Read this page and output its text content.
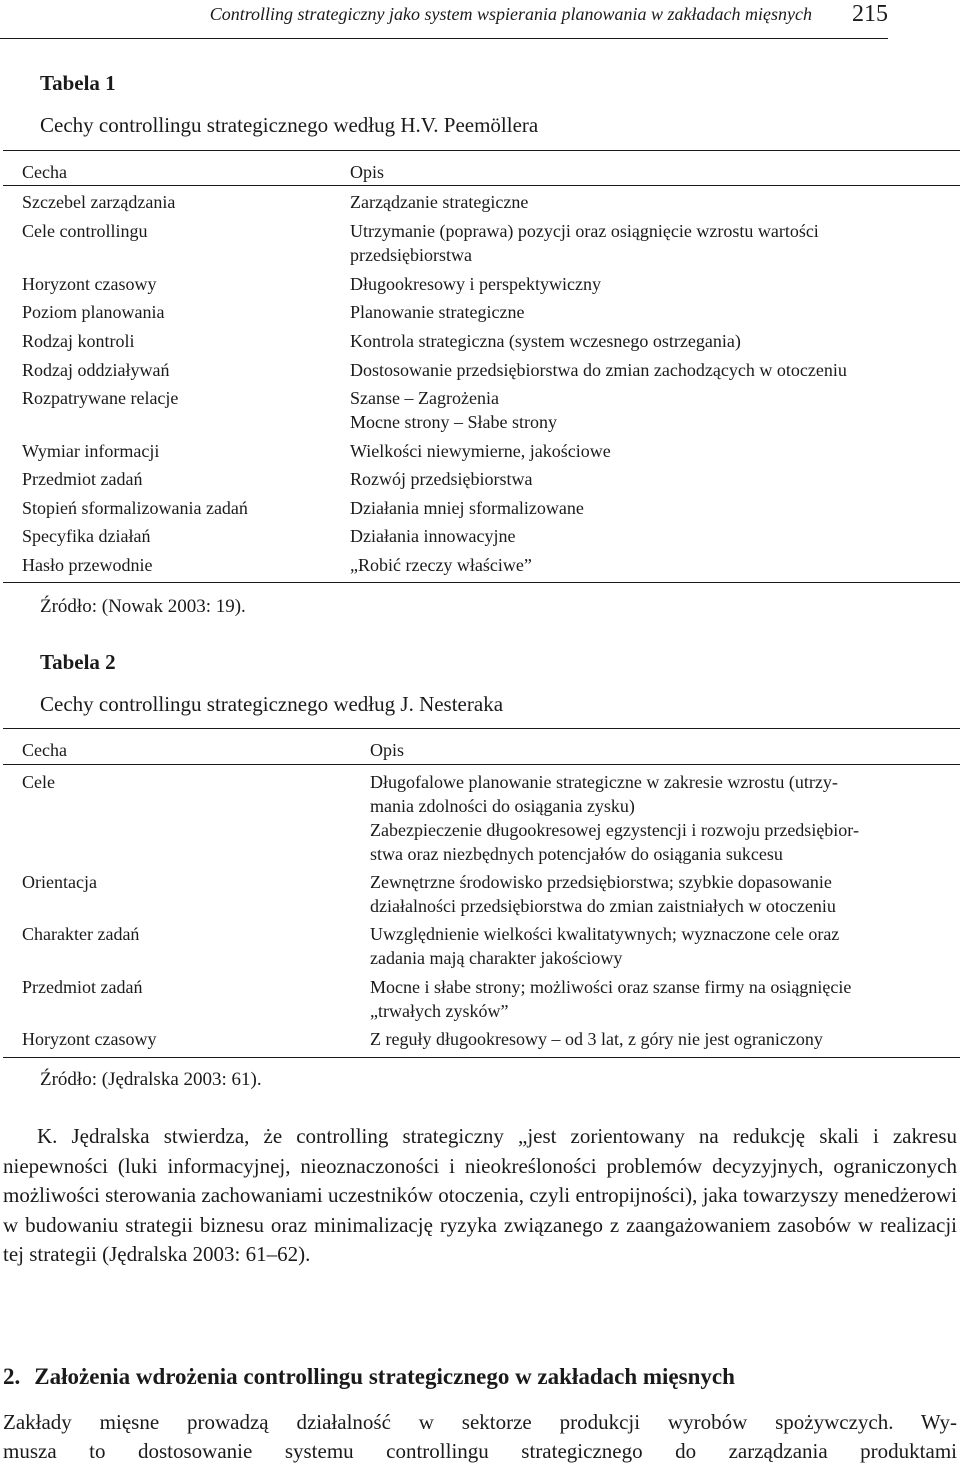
Controlling strategiczny jako system wspierania planowania w zakładach mięsnych 215
Tabela 1
Cechy controllingu strategicznego według H.V. Peemöllera
Cecha	Opis
Szczebel zarządzania	Zarządzanie strategiczne
Cele controllingu	Utrzymanie (poprawa) pozycji oraz osiągnięcie wzrostu wartości
przedsiębiorstwa
Horyzont czasowy	Długookresowy i perspektywiczny
Poziom planowania	Planowanie strategiczne
Rodzaj kontroli	Kontrola strategiczna (system wczesnego ostrzegania)
Rodzaj oddziaływań	Dostosowanie przedsiębiorstwa do zmian zachodzących w otoczeniu
Rozpatrywane relacje	Szanse – Zagrożenia
Mocne strony – Słabe strony
Wymiar informacji	Wielkości niewymierne, jakościowe
Przedmiot zadań	Rozwój przedsiębiorstwa
Stopień sformalizowania zadań	Działania mniej sformalizowane
Specyfika działań	Działania innowacyjne
Hasło przewodnie	„Robić rzeczy właściwe”
Źródło: (Nowak 2003: 19).
Tabela 2
Cechy controllingu strategicznego według J. Nesteraka
Cecha	Opis
Cele	Długofalowe planowanie strategiczne w zakresie wzrostu (utrzy-
mania zdolności do osiągania zysku)
Zabezpieczenie długookresowej egzystencji i rozwoju przedsiębior-
stwa oraz niezbędnych potencjałów do osiągania sukcesu
Orientacja	Zewnętrzne środowisko przedsiębiorstwa; szybkie dopasowanie
działalności przedsiębiorstwa do zmian zaistniałych w otoczeniu
Charakter zadań	Uwzględnienie wielkości kwalitatywnych; wyznaczone cele oraz
zadania mają charakter jakościowy
Przedmiot zadań	Mocne i słabe strony; możliwości oraz szanse firmy na osiągnięcie
„trwałych zysków”
Horyzont czasowy	Z reguły długookresowy – od 3 lat, z góry nie jest ograniczony
Źródło: (Jędralska 2003: 61).
K. Jędralska stwierdza, że controlling strategiczny „jest zorientowany na redukcję skali i zakresu niepewności (luki informacyjnej, nieoznaczoności i nieokreśloności problemów decyzyjnych, ograniczonych możliwości sterowania zachowaniami uczestników otoczenia, czyli entropijności), jaka towarzyszy menedżerowi w budowaniu strategii biznesu oraz minimalizację ryzyka związanego z zaangażowaniem zasobów w realizacji tej strategii (Jędralska 2003: 61–62).
2. Założenia wdrożenia controllingu strategicznego w zakładach mięsnych
Zakłady mięsne prowadzą działalność w sektorze produkcji wyrobów spożywczych. Wy-
musza to dostosowanie systemu controllingu strategicznego do zarządzania produktami
